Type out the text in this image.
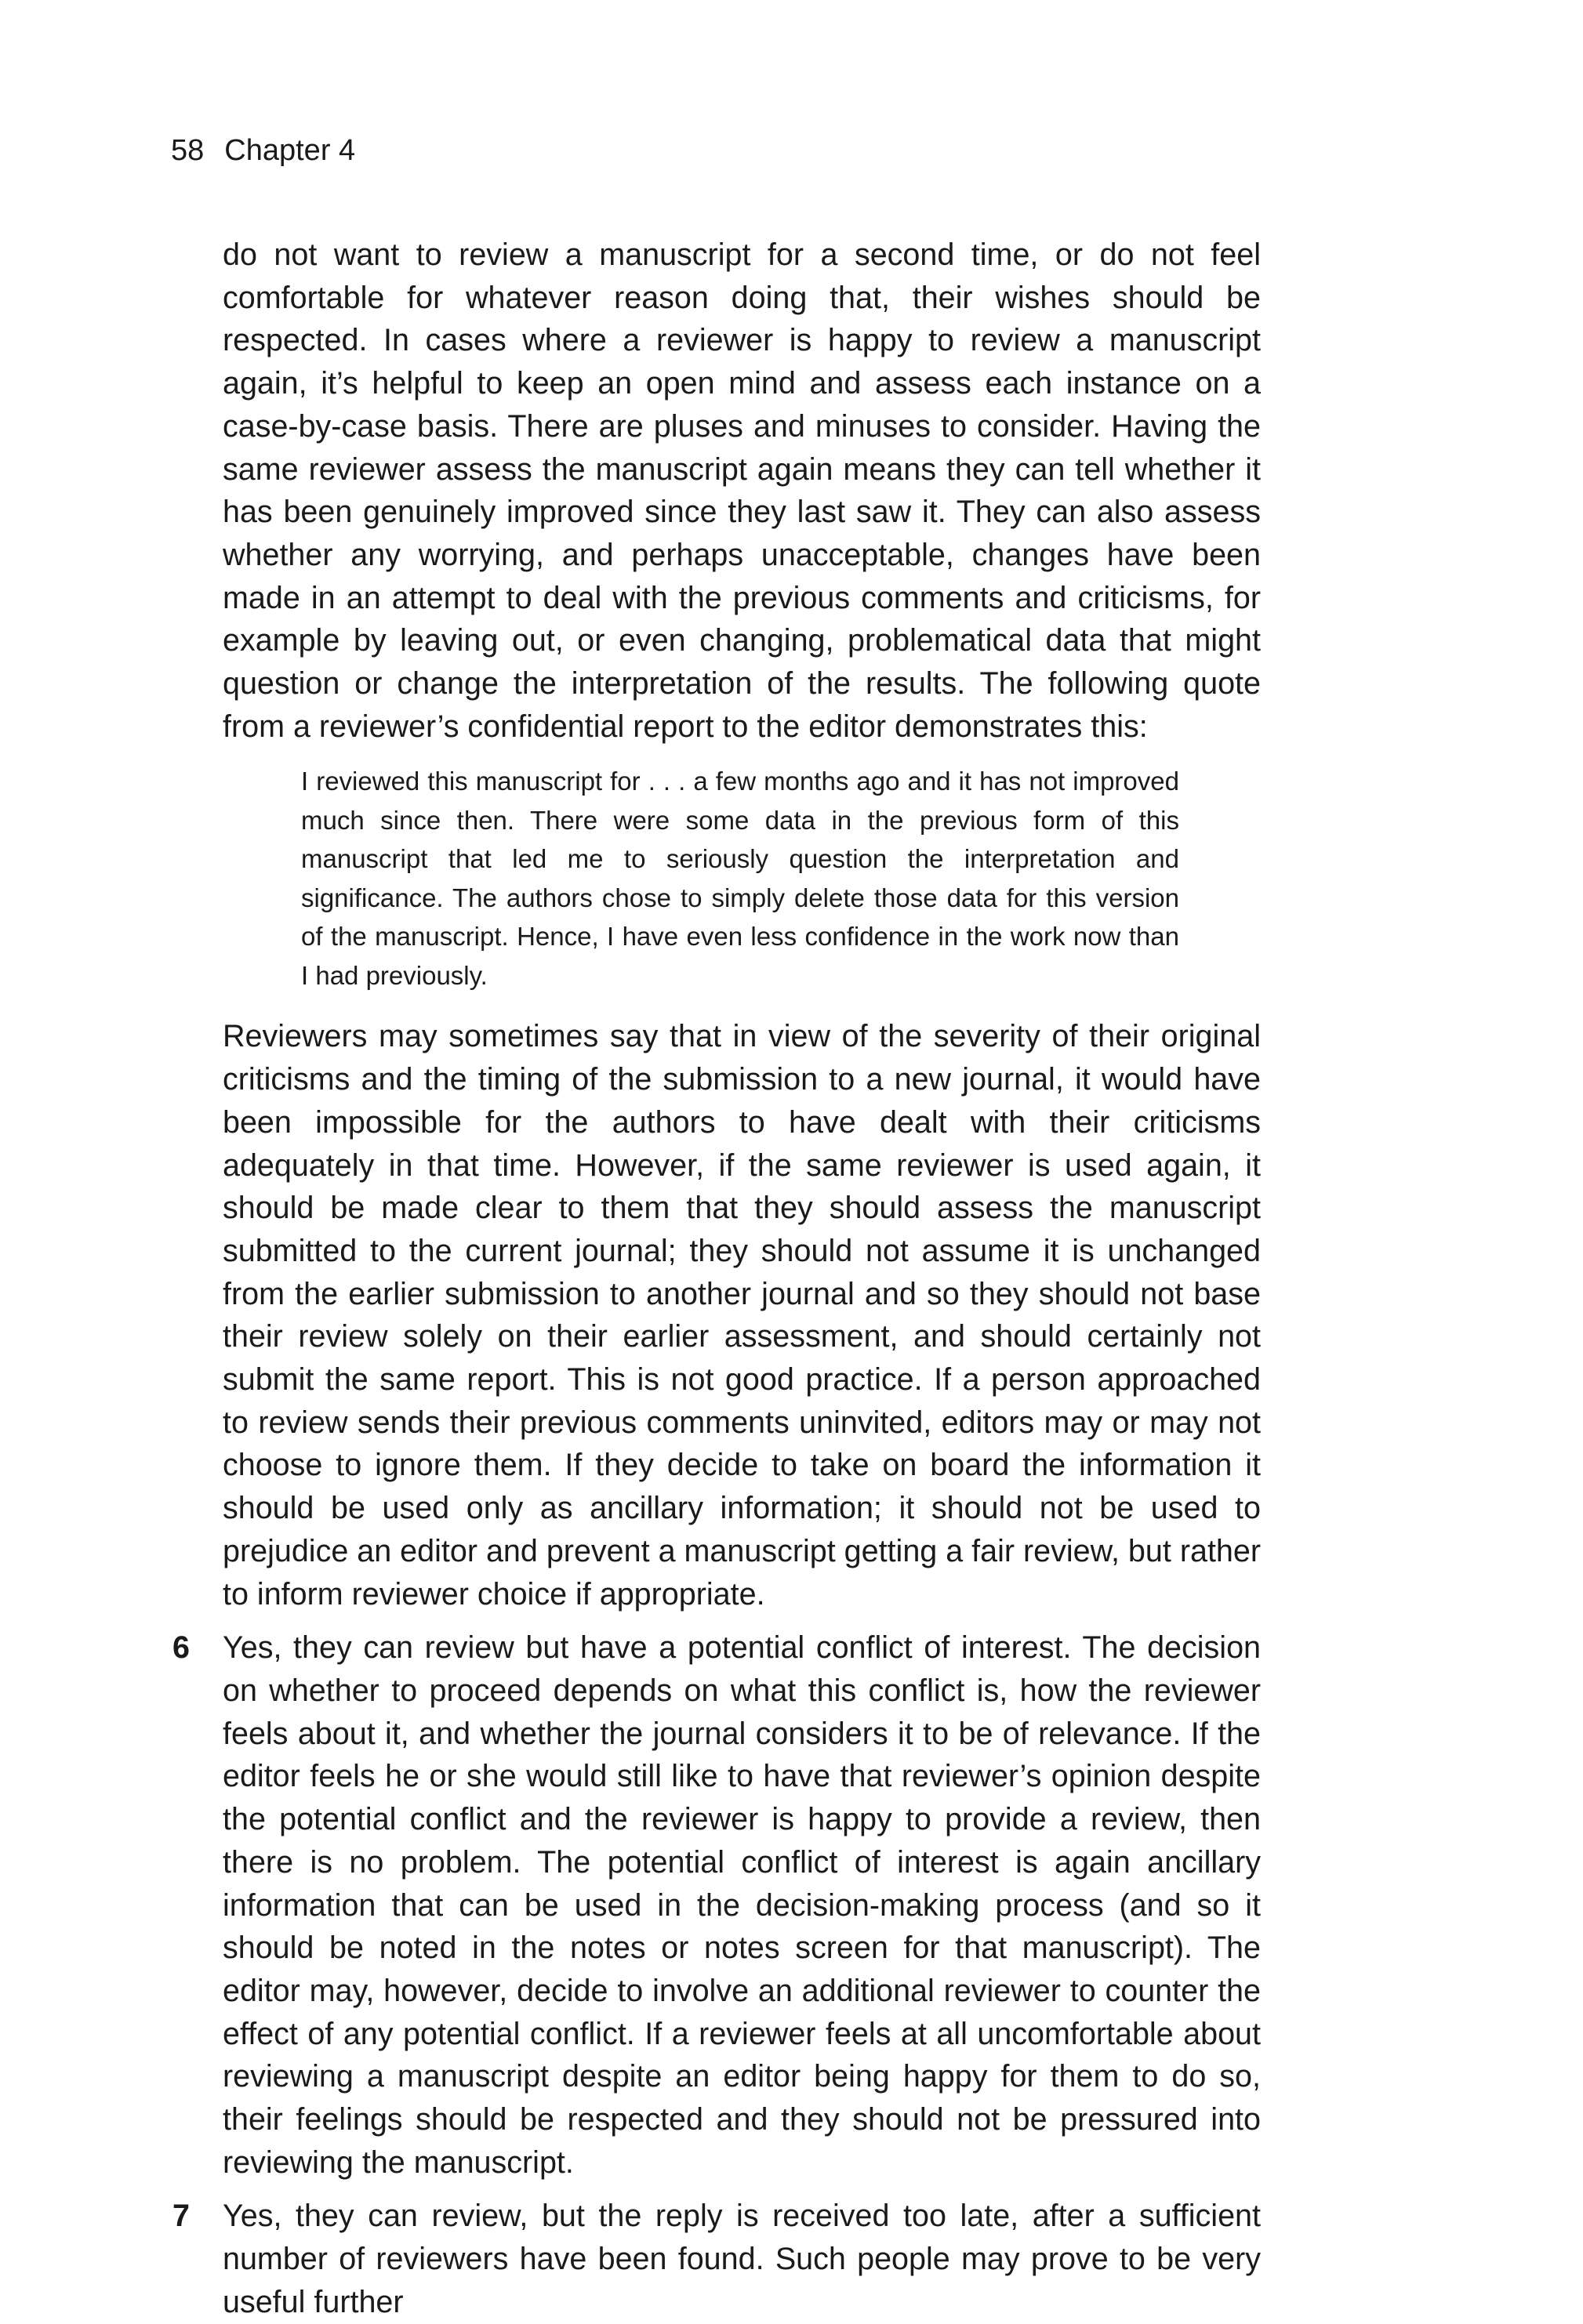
58 Chapter 4

do not want to review a manuscript for a second time, or do not feel comfortable for whatever reason doing that, their wishes should be respected. In cases where a reviewer is happy to review a manuscript again, it’s helpful to keep an open mind and assess each instance on a case-by-case basis. There are pluses and minuses to consider. Having the same reviewer assess the manuscript again means they can tell whether it has been genuinely improved since they last saw it. They can also assess whether any worrying, and perhaps unacceptable, changes have been made in an attempt to deal with the previous comments and criticisms, for example by leaving out, or even changing, problematical data that might question or change the interpretation of the results. The following quote from a reviewer’s confidential report to the editor demonstrates this:

I reviewed this manuscript for . . . a few months ago and it has not improved much since then. There were some data in the previous form of this manuscript that led me to seriously question the interpretation and significance. The authors chose to simply delete those data for this version of the manuscript. Hence, I have even less confidence in the work now than I had previously.

Reviewers may sometimes say that in view of the severity of their original criticisms and the timing of the submission to a new journal, it would have been impossible for the authors to have dealt with their criticisms adequately in that time. However, if the same reviewer is used again, it should be made clear to them that they should assess the manuscript submitted to the current journal; they should not assume it is unchanged from the earlier submission to another journal and so they should not base their review solely on their earlier assessment, and should certainly not submit the same report. This is not good practice. If a person approached to review sends their previous comments uninvited, editors may or may not choose to ignore them. If they decide to take on board the information it should be used only as ancillary information; it should not be used to prejudice an editor and prevent a manuscript getting a fair review, but rather to inform reviewer choice if appropriate.

6 Yes, they can review but have a potential conflict of interest. The decision on whether to proceed depends on what this conflict is, how the reviewer feels about it, and whether the journal considers it to be of relevance. If the editor feels he or she would still like to have that reviewer’s opinion despite the potential conflict and the reviewer is happy to provide a review, then there is no problem. The potential conflict of interest is again ancillary information that can be used in the decision-making process (and so it should be noted in the notes or notes screen for that manuscript). The editor may, however, decide to involve an additional reviewer to counter the effect of any potential conflict. If a reviewer feels at all uncomfortable about reviewing a manuscript despite an editor being happy for them to do so, their feelings should be respected and they should not be pressured into reviewing the manuscript.

7 Yes, they can review, but the reply is received too late, after a sufficient number of reviewers have been found. Such people may prove to be very useful further
